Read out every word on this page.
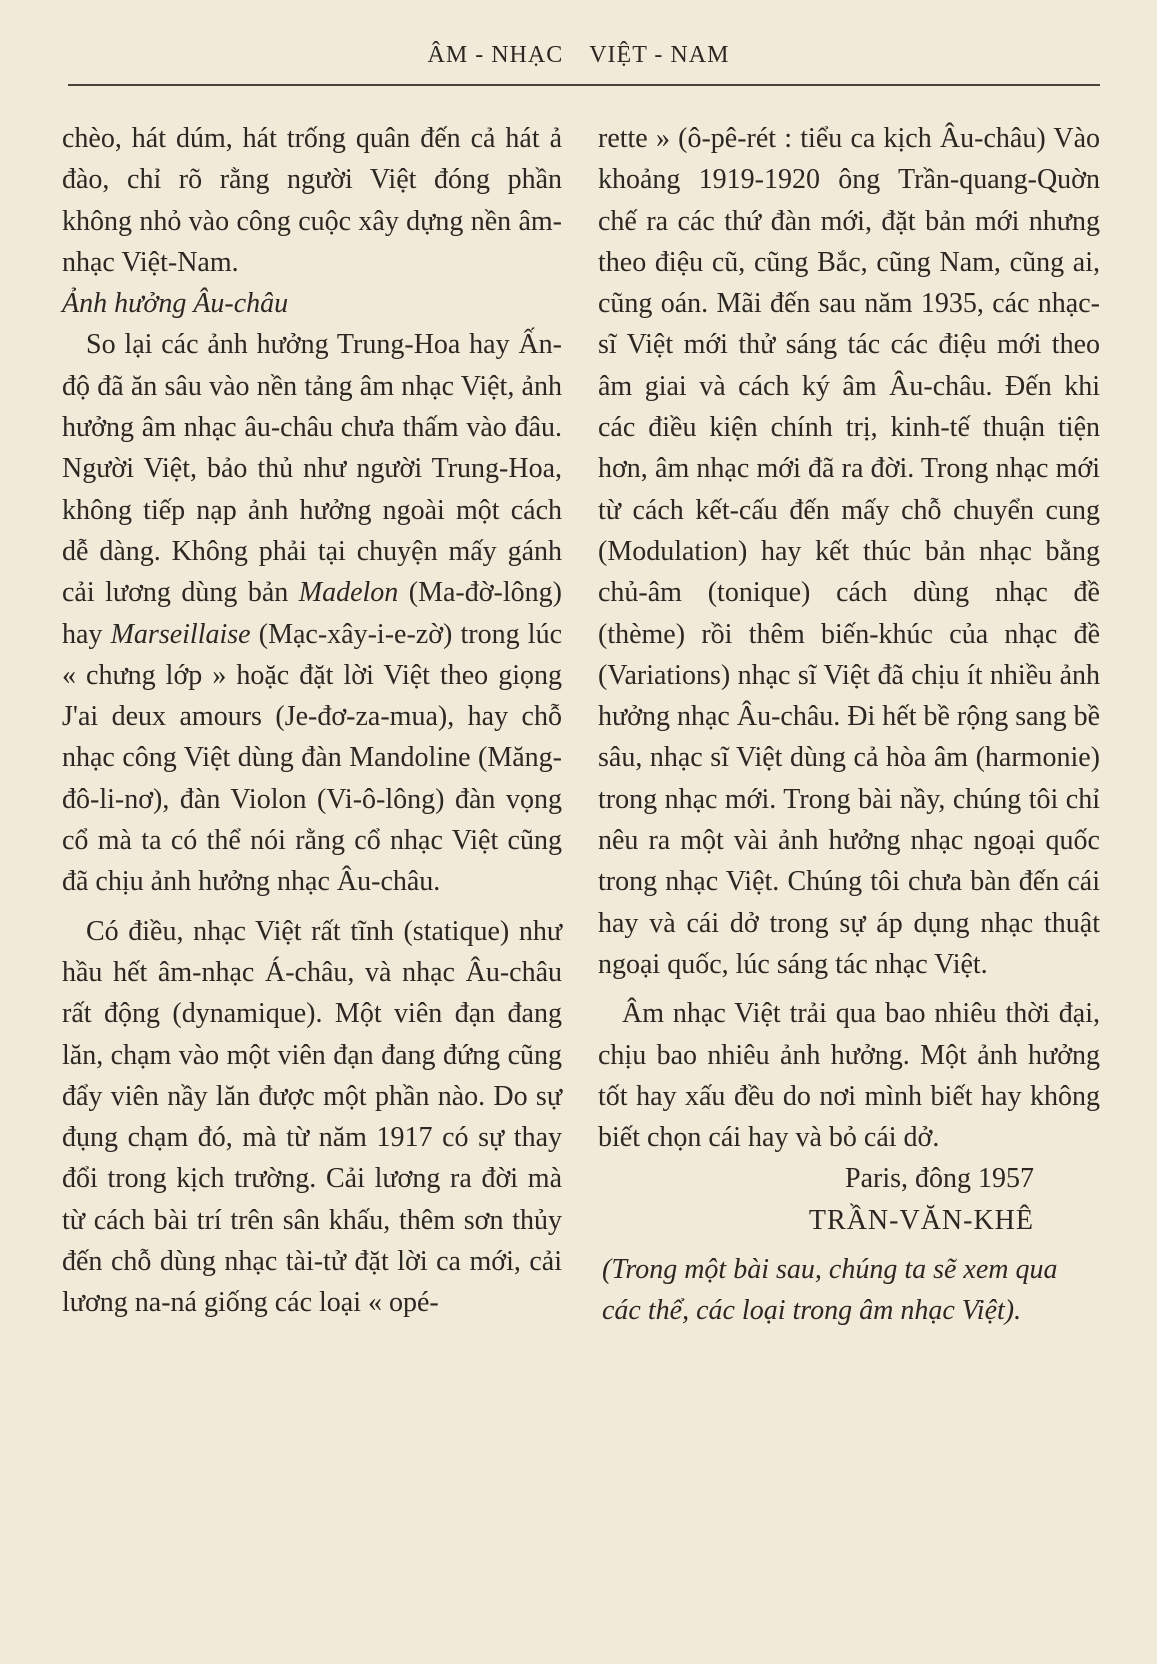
ÂM - NHẠC VIỆT - NAM

chèo, hát dúm, hát trống quân đến cả hát ả đào, chỉ rõ rằng người Việt đóng phần không nhỏ vào công cuộc xây dựng nền âm-nhạc Việt-Nam.

Ảnh hưởng Âu-châu

So lại các ảnh hưởng Trung-Hoa hay Ấn-độ đã ăn sâu vào nền tảng âm nhạc Việt, ảnh hưởng âm nhạc âu-châu chưa thấm vào đâu. Người Việt, bảo thủ như người Trung-Hoa, không tiếp nạp ảnh hưởng ngoài một cách dễ dàng. Không phải tại chuyện mấy gánh cải lương dùng bản Madelon (Ma-đờ-lông) hay Marseillaise (Mạc-xây-i-e-zờ) trong lúc « chưng lớp » hoặc đặt lời Việt theo giọng J'ai deux amours (Je-đơ-za-mua), hay chỗ nhạc công Việt dùng đàn Mandoline (Măng-đô-li-nơ), đàn Violon (Vi-ô-lông) đàn vọng cổ mà ta có thể nói rằng cổ nhạc Việt cũng đã chịu ảnh hưởng nhạc Âu-châu.

Có điều, nhạc Việt rất tĩnh (statique) như hầu hết âm-nhạc Á-châu, và nhạc Âu-châu rất động (dynamique). Một viên đạn đang lăn, chạm vào một viên đạn đang đứng cũng đẩy viên nầy lăn được một phần nào. Do sự đụng chạm đó, mà từ năm 1917 có sự thay đổi trong kịch trường. Cải lương ra đời mà từ cách bài trí trên sân khấu, thêm sơn thủy đến chỗ dùng nhạc tài-tử đặt lời ca mới, cải lương na-ná giống các loại « opé-

rette » (ô-pê-rét : tiểu ca kịch Âu-châu) Vào khoảng 1919-1920 ông Trần-quang-Quờn chế ra các thứ đàn mới, đặt bản mới nhưng theo điệu cũ, cũng Bắc, cũng Nam, cũng ai, cũng oán. Mãi đến sau năm 1935, các nhạc-sĩ Việt mới thử sáng tác các điệu mới theo âm giai và cách ký âm Âu-châu. Đến khi các điều kiện chính trị, kinh-tế thuận tiện hơn, âm nhạc mới đã ra đời. Trong nhạc mới từ cách kết-cấu đến mấy chỗ chuyển cung (Modulation) hay kết thúc bản nhạc bằng chủ-âm (tonique) cách dùng nhạc đề (thème) rồi thêm biến-khúc của nhạc đề (Variations) nhạc sĩ Việt đã chịu ít nhiều ảnh hưởng nhạc Âu-châu. Đi hết bề rộng sang bề sâu, nhạc sĩ Việt dùng cả hòa âm (harmonie) trong nhạc mới. Trong bài nầy, chúng tôi chỉ nêu ra một vài ảnh hưởng nhạc ngoại quốc trong nhạc Việt. Chúng tôi chưa bàn đến cái hay và cái dở trong sự áp dụng nhạc thuật ngoại quốc, lúc sáng tác nhạc Việt.

Âm nhạc Việt trải qua bao nhiêu thời đại, chịu bao nhiêu ảnh hưởng. Một ảnh hưởng tốt hay xấu đều do nơi mình biết hay không biết chọn cái hay và bỏ cái dở.

Paris, đông 1957

TRẦN-VĂN-KHÊ

(Trong một bài sau, chúng ta sẽ xem qua các thể, các loại trong âm nhạc Việt).
